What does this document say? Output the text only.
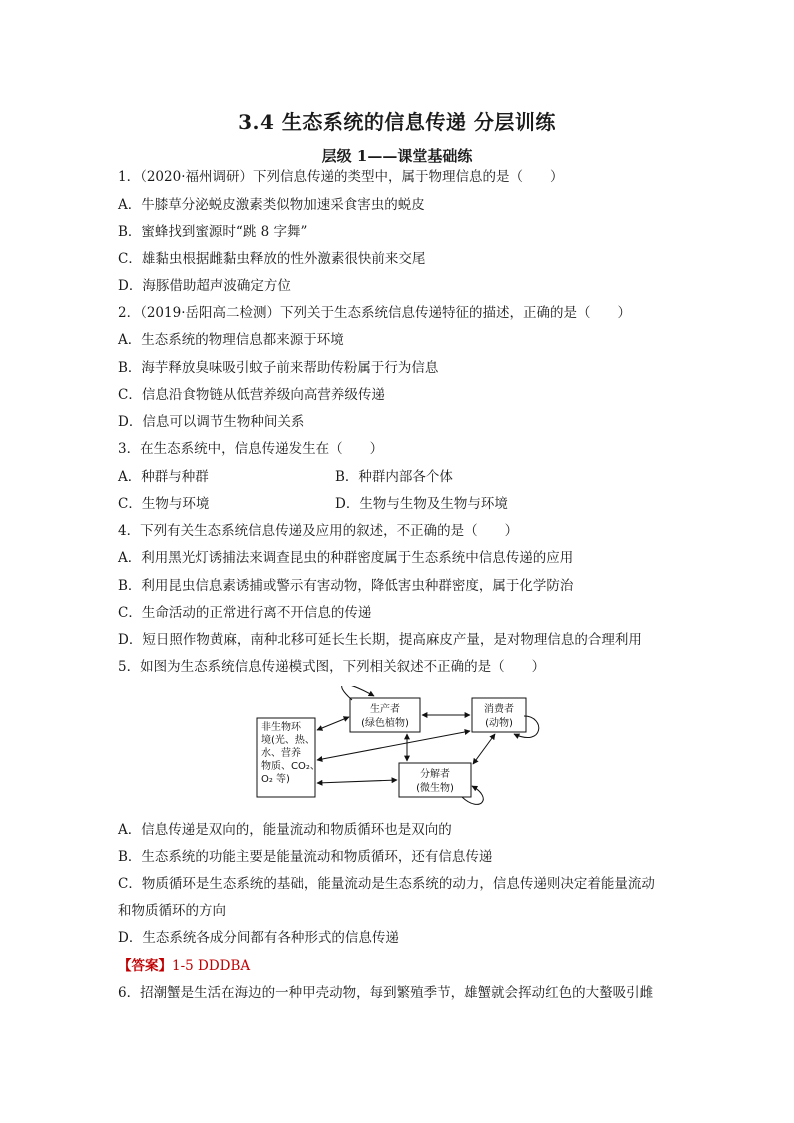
3.4 生态系统的信息传递 分层训练
层级 1——课堂基础练
1．（2020·福州调研）下列信息传递的类型中，属于物理信息的是（　　）
A．牛膝草分泌蜕皮激素类似物加速采食害虫的蜕皮
B．蜜蜂找到蜜源时“跳 8 字舞”
C．雄黏虫根据雌黏虫释放的性外激素很快前来交尾
D．海豚借助超声波确定方位
2．（2019·岳阳高二检测）下列关于生态系统信息传递特征的描述，正确的是（　　）
A．生态系统的物理信息都来源于环境
B．海芋释放臭味吸引蚊子前来帮助传粉属于行为信息
C．信息沿食物链从低营养级向高营养级传递
D．信息可以调节生物种间关系
3．在生态系统中，信息传递发生在（　　）
A．种群与种群	B．种群内部各个体
C．生物与环境	D．生物与生物及生物与环境
4．下列有关生态系统信息传递及应用的叙述，不正确的是（　　）
A．利用黑光灯诱捕法来调查昆虫的种群密度属于生态系统中信息传递的应用
B．利用昆虫信息素诱捕或警示有害动物，降低害虫种群密度，属于化学防治
C．生命活动的正常进行离不开信息的传递
D．短日照作物黄麻，南种北移可延长生长期，提高麻皮产量，是对物理信息的合理利用
5．如图为生态系统信息传递模式图，下列相关叙述不正确的是（　　）
非生物环
境(光、热、
水、营养
物质、CO₂、
O₂ 等)
生产者
(绿色植物)
消费者
(动物)
分解者
(微生物)
A．信息传递是双向的，能量流动和物质循环也是双向的
B．生态系统的功能主要是能量流动和物质循环，还有信息传递
C．物质循环是生态系统的基础，能量流动是生态系统的动力，信息传递则决定着能量流动
和物质循环的方向
D．生态系统各成分间都有各种形式的信息传递
【答案】1-5 DDDBA
6．招潮蟹是生活在海边的一种甲壳动物，每到繁殖季节，雄蟹就会挥动红色的大螯吸引雌
